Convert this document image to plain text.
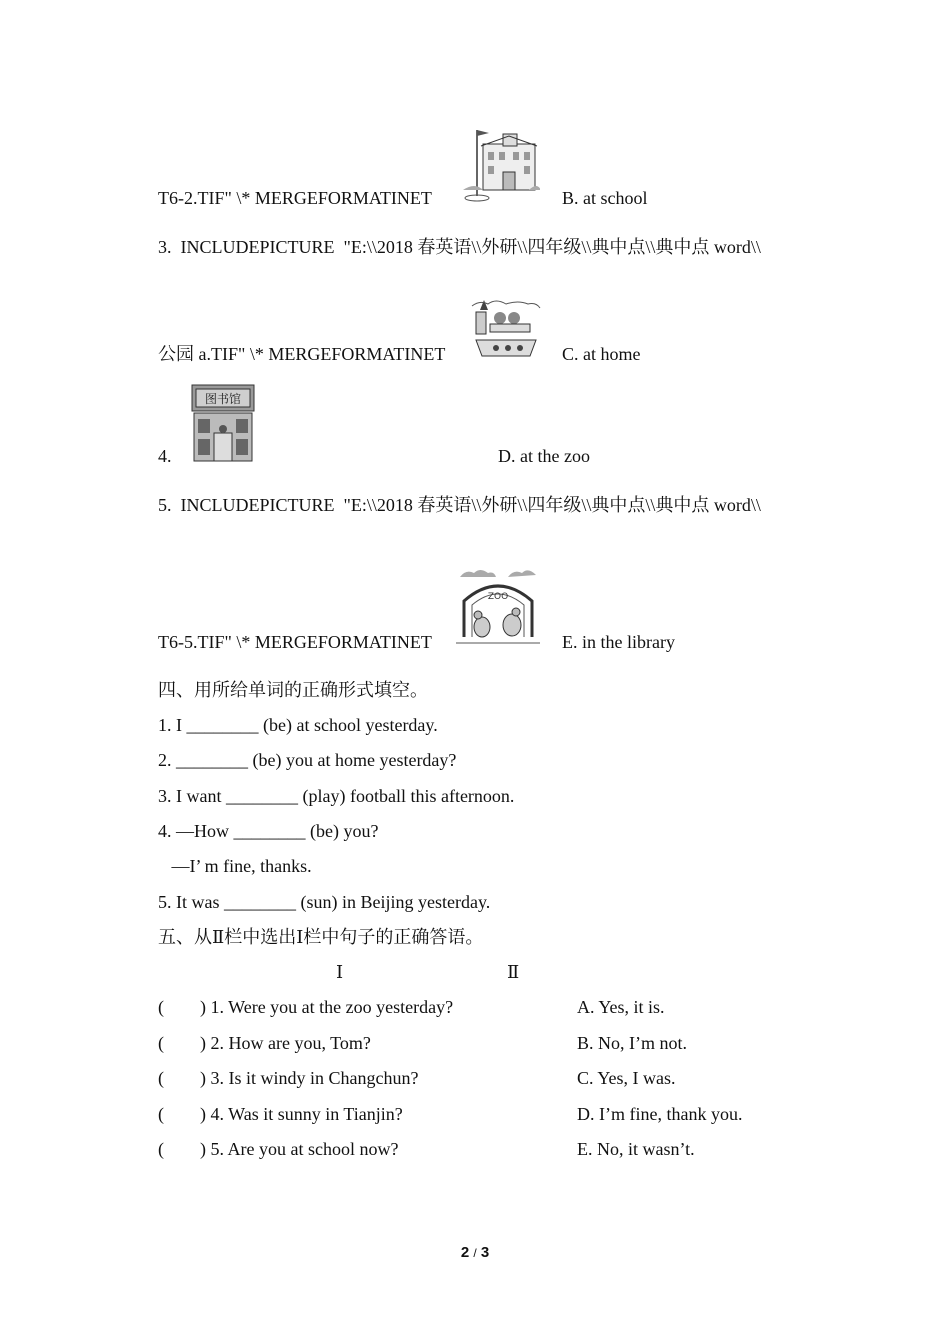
T6-2.TIF" \* MERGEFORMATINET	B. at school
3.  INCLUDEPICTURE  "E:\\2018 春英语\\外研\\四年级\\典中点\\典中点 word\\
公园 a.TIF" \* MERGEFORMATINET	C. at home
图书馆
4.	D. at the zoo
5.  INCLUDEPICTURE  "E:\\2018 春英语\\外研\\四年级\\典中点\\典中点 word\\
ZOO
T6-5.TIF" \* MERGEFORMATINET	E. in the library
四、用所给单词的正确形式填空。
1. I ________ (be) at school yesterday.
2. ________ (be) you at home yesterday?
3. I want ________ (play) football this afternoon.
4. —How ________ (be) you?
—I’ m fine, thanks.
5. It was ________ (sun) in Beijing yesterday.
五、从Ⅱ栏中选出Ⅰ栏中句子的正确答语。
Ⅰ	Ⅱ
(        ) 1. Were you at the zoo yesterday?	A. Yes, it is.
(        ) 2. How are you, Tom?	B. No, I’m not.
(        ) 3. Is it windy in Changchun?	C. Yes, I was.
(        ) 4. Was it sunny in Tianjin?	D. I’m fine, thank you.
(        ) 5. Are you at school now?	E. No, it wasn’t.
2 / 3
